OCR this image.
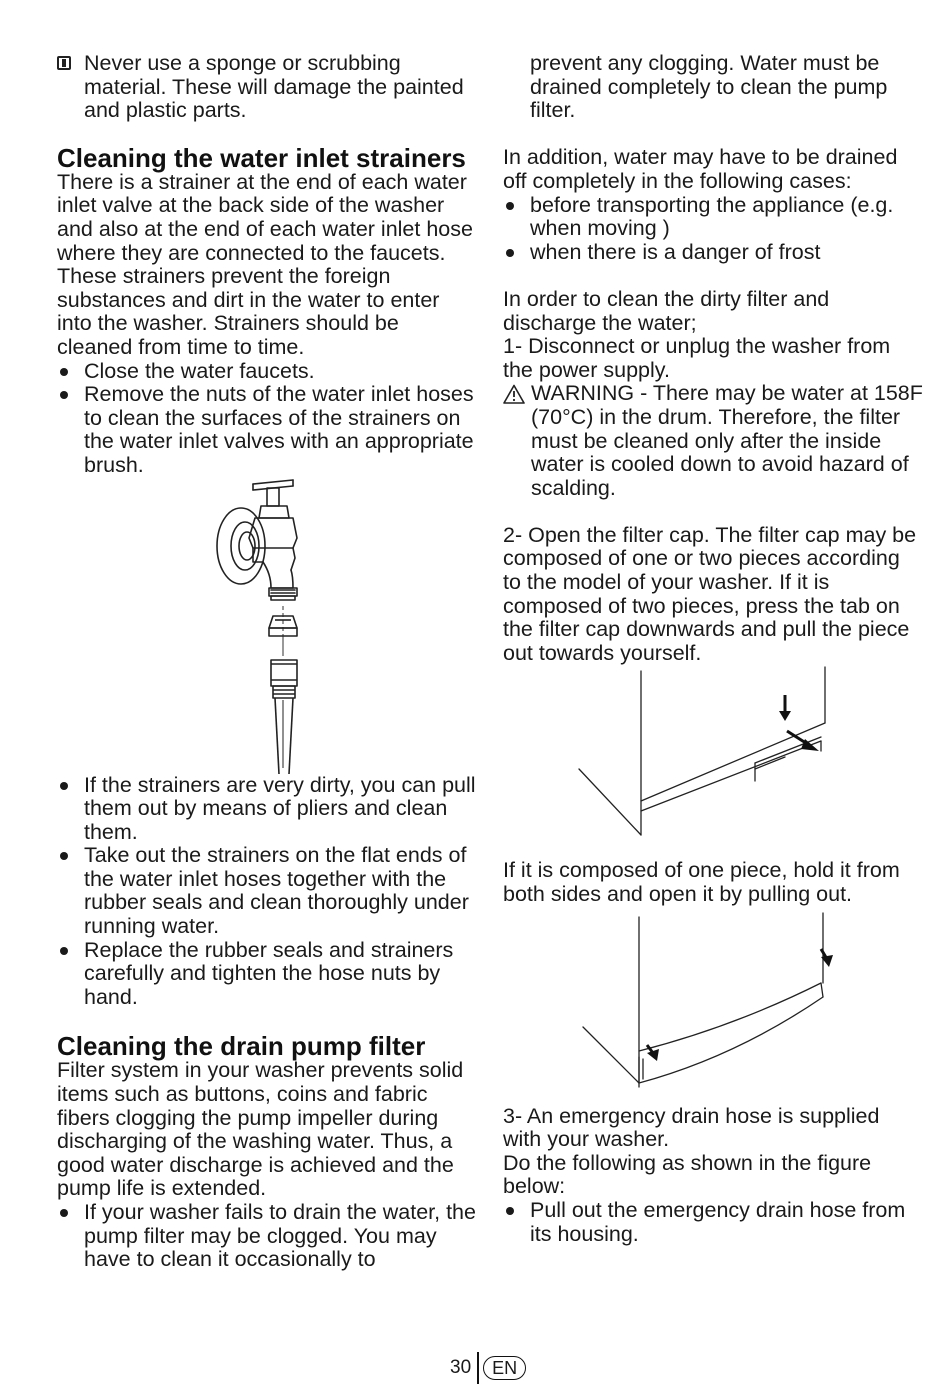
Never use a sponge or scrubbing material. These will damage the painted and plastic parts.

Cleaning the water inlet strainers

There is a strainer at the end of each water inlet valve at the back side of the washer and also at the end of each water inlet hose where they are connected to the faucets. These strainers prevent the foreign substances and dirt in the water to enter into the washer. Strainers should be cleaned from time to time.

Close the water faucets.
Remove the nuts of the water inlet hoses to clean the surfaces of the strainers on the water inlet valves with an appropriate brush.
If the strainers are very dirty, you can pull them out by means of pliers and clean them.
Take out the strainers on the flat ends of the water inlet hoses together with the rubber seals and clean thoroughly under running water.
Replace the rubber seals and strainers carefully and tighten the hose nuts by hand.
Cleaning the drain pump filter

Filter system in your washer prevents solid items such as buttons, coins and fabric fibers clogging the pump impeller during discharging of the washing water. Thus, a good water discharge is achieved and the pump life is extended.

If your washer fails to drain the water, the pump filter may be clogged. You may have to clean it occasionally to

prevent any clogging. Water must be drained completely to clean the pump filter.

In addition, water may have to be drained off completely in the following cases:

before transporting the appliance (e.g. when moving )
when there is a danger of frost

In order to clean the dirty filter and discharge the water;

1- Disconnect or unplug the washer from the power supply.

WARNING - There may be water at 158F (70°C) in the drum. Therefore, the filter must be cleaned only after the inside water is cooled down to avoid hazard of scalding.

2- Open the filter cap. The filter cap may be composed of one or two pieces according to the model of your washer. If it is composed of two pieces, press the tab on the filter cap downwards and pull the piece out towards yourself.

If it is composed of one piece, hold it from both sides and open it by pulling out.

3- An emergency drain hose is supplied with your washer.

Do the following as shown in the figure below:

Pull out the emergency drain hose from its housing.
30	EN
